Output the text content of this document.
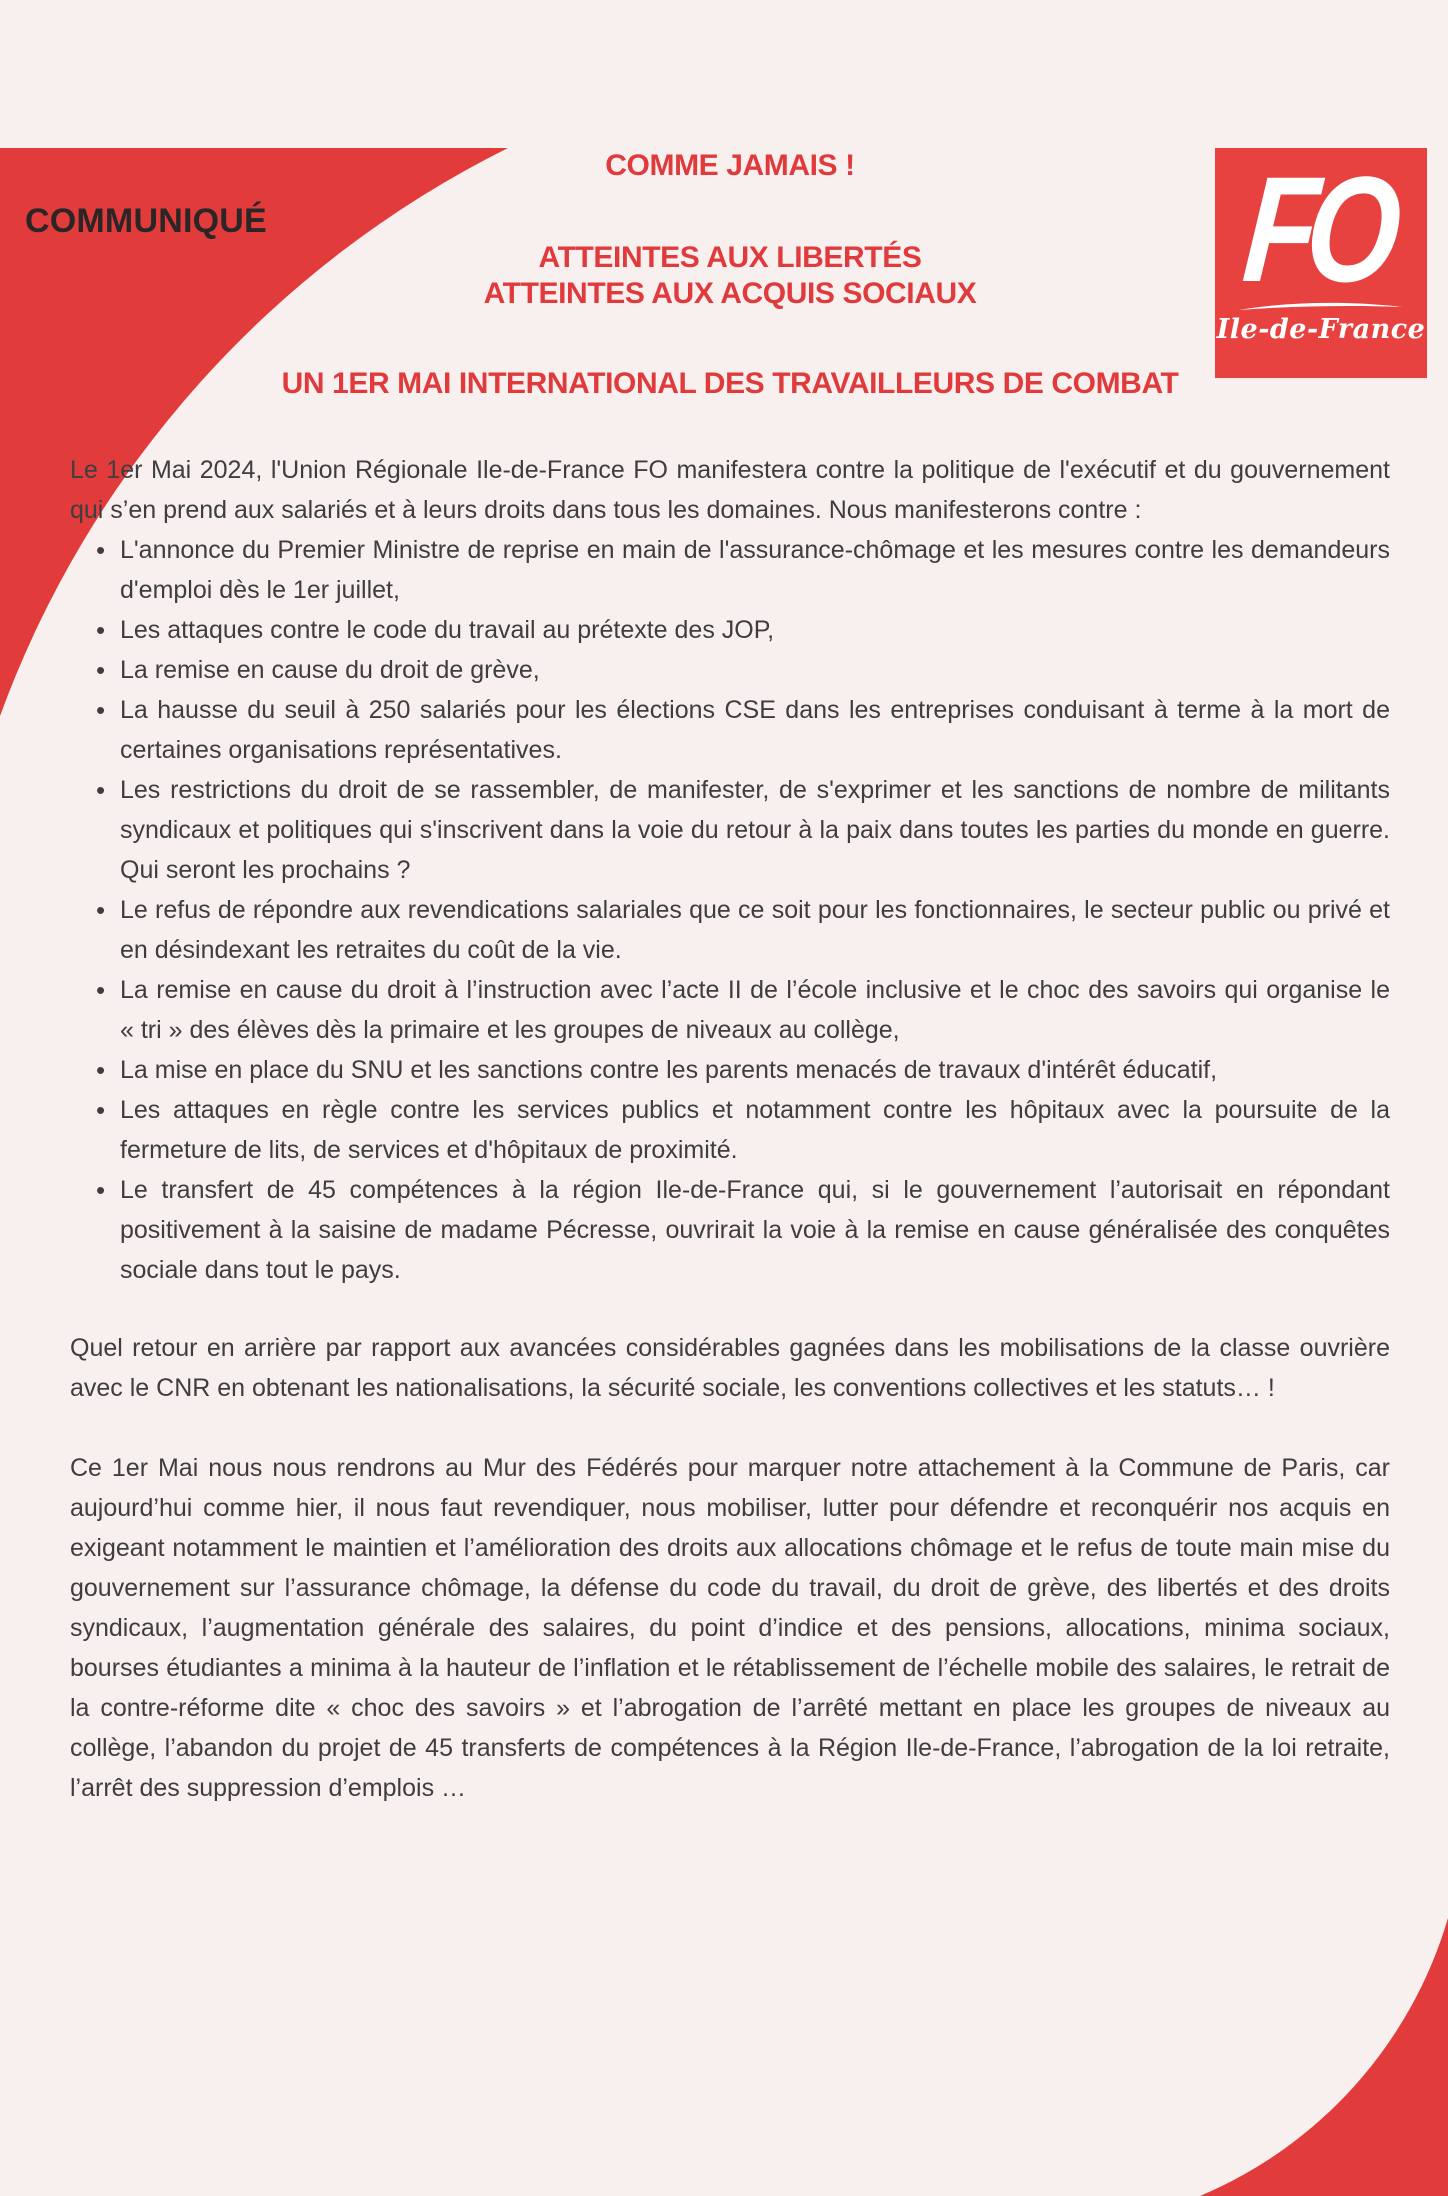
COMMUNIQUÉ	FO
Ile-de-France
COMME JAMAIS !
ATTEINTES AUX LIBERTÉS
ATTEINTES AUX ACQUIS SOCIAUX
UN 1ER MAI INTERNATIONAL DES TRAVAILLEURS DE COMBAT

Le 1er Mai 2024, l'Union Régionale Ile-de-France FO manifestera contre la politique de l'exécutif et du gouvernement qui s’en prend aux salariés et à leurs droits dans tous les domaines. Nous manifesterons contre :

• L'annonce du Premier Ministre de reprise en main de l'assurance-chômage et les mesures contre les demandeurs d'emploi dès le 1er juillet,
• Les attaques contre le code du travail au prétexte des JOP,
• La remise en cause du droit de grève,
• La hausse du seuil à 250 salariés pour les élections CSE dans les entreprises conduisant à terme à la mort de certaines organisations représentatives.
• Les restrictions du droit de se rassembler, de manifester, de s'exprimer et les sanctions de nombre de militants syndicaux et politiques qui s'inscrivent dans la voie du retour à la paix dans toutes les parties du monde en guerre. Qui seront les prochains ?
• Le refus de répondre aux revendications salariales que ce soit pour les fonctionnaires, le secteur public ou privé et en désindexant les retraites du coût de la vie.
• La remise en cause du droit à l’instruction avec l’acte II de l’école inclusive et le choc des savoirs qui organise le « tri » des élèves dès la primaire et les groupes de niveaux au collège,
• La mise en place du SNU et les sanctions contre les parents menacés de travaux d'intérêt éducatif,
• Les attaques en règle contre les services publics et notamment contre les hôpitaux avec la poursuite de la fermeture de lits, de services et d'hôpitaux de proximité.
• Le transfert de 45 compétences à la région Ile-de-France qui, si le gouvernement l’autorisait en répondant positivement à la saisine de madame Pécresse, ouvrirait la voie à la remise en cause généralisée des conquêtes sociale dans tout le pays.

Quel retour en arrière par rapport aux avancées considérables gagnées dans les mobilisations de la classe ouvrière avec le CNR en obtenant les nationalisations, la sécurité sociale, les conventions collectives et les statuts… !

Ce 1er Mai nous nous rendrons au Mur des Fédérés pour marquer notre attachement à la Commune de Paris, car aujourd’hui comme hier, il nous faut revendiquer, nous mobiliser, lutter pour défendre et reconquérir nos acquis en exigeant notamment le maintien et l’amélioration des droits aux allocations chômage et le refus de toute main mise du gouvernement sur l’assurance chômage, la défense du code du travail, du droit de grève, des libertés et des droits syndicaux, l’augmentation générale des salaires, du point d’indice et des pensions, allocations, minima sociaux, bourses étudiantes a minima à la hauteur de l’inflation et le rétablissement de l’échelle mobile des salaires, le retrait de la contre-réforme dite « choc des savoirs » et l’abrogation de l’arrêté mettant en place les groupes de niveaux au collège, l’abandon du projet de 45 transferts de compétences à la Région Ile-de-France, l’abrogation de la loi retraite, l’arrêt des suppression d’emplois …
